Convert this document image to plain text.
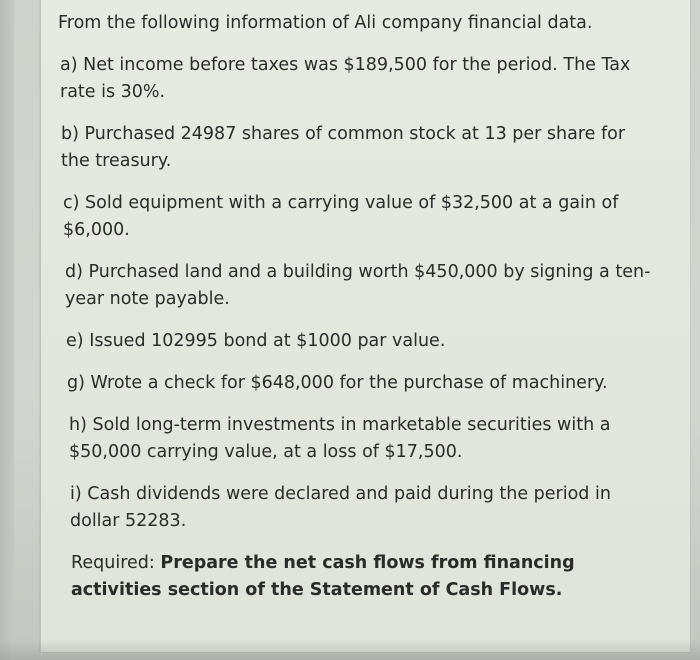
From the following information of Ali company financial data.

a) Net income before taxes was $189,500 for the period. The Tax rate is 30%.

b) Purchased 24987 shares of common stock at 13 per share for the treasury.

c) Sold equipment with a carrying value of $32,500 at a gain of $6,000.

d) Purchased land and a building worth $450,000 by signing a ten-year note payable.

e) Issued 102995 bond at $1000 par value.

g) Wrote a check for $648,000 for the purchase of machinery.

h) Sold long-term investments in marketable securities with a $50,000 carrying value, at a loss of $17,500.

i) Cash dividends were declared and paid during the period in dollar 52283.

Required: Prepare the net cash flows from financing activities section of the Statement of Cash Flows.
